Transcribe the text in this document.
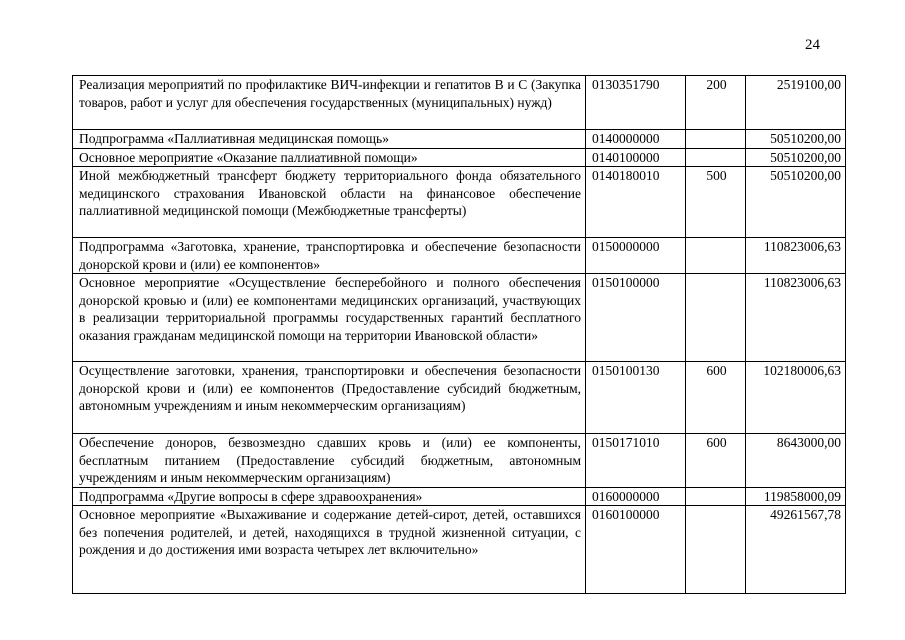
24
Реализация мероприятий по профилактике ВИЧ-инфекции и гепатитов В и С (Закупка товаров, работ и услуг для обеспечения государственных (муниципальных) нужд)	0130351790	200	2519100,00
Подпрограмма «Паллиативная медицинская помощь»	0140000000		50510200,00
Основное мероприятие «Оказание паллиативной помощи»	0140100000		50510200,00
Иной межбюджетный трансферт бюджету территориального фонда обязательного медицинского страхования Ивановской области на финансовое обеспечение паллиативной медицинской помощи (Межбюджетные трансферты)	0140180010	500	50510200,00
Подпрограмма «Заготовка, хранение, транспортировка и обеспечение безопасности донорской крови и (или) ее компонентов»	0150000000		110823006,63
Основное мероприятие «Осуществление бесперебойного и полного обеспечения донорской кровью и (или) ее компонентами медицинских организаций, участвующих в реализации территориальной программы государственных гарантий бесплатного оказания гражданам медицинской помощи на территории Ивановской области»	0150100000		110823006,63
Осуществление заготовки, хранения, транспортировки и обеспечения безопасности донорской крови и (или) ее компонентов (Предоставление субсидий бюджетным, автономным учреждениям и иным некоммерческим организациям)	0150100130	600	102180006,63
Обеспечение доноров, безвозмездно сдавших кровь и (или) ее компоненты, бесплатным питанием (Предоставление субсидий бюджетным, автономным учреждениям и иным некоммерческим организациям)	0150171010	600	8643000,00
Подпрограмма «Другие вопросы в сфере здравоохранения»	0160000000		119858000,09
Основное мероприятие «Выхаживание и содержание детей-сирот, детей, оставшихся без попечения родителей, и детей, находящихся в трудной жизненной ситуации, с рождения и до достижения ими возраста четырех лет включительно»	0160100000		49261567,78
